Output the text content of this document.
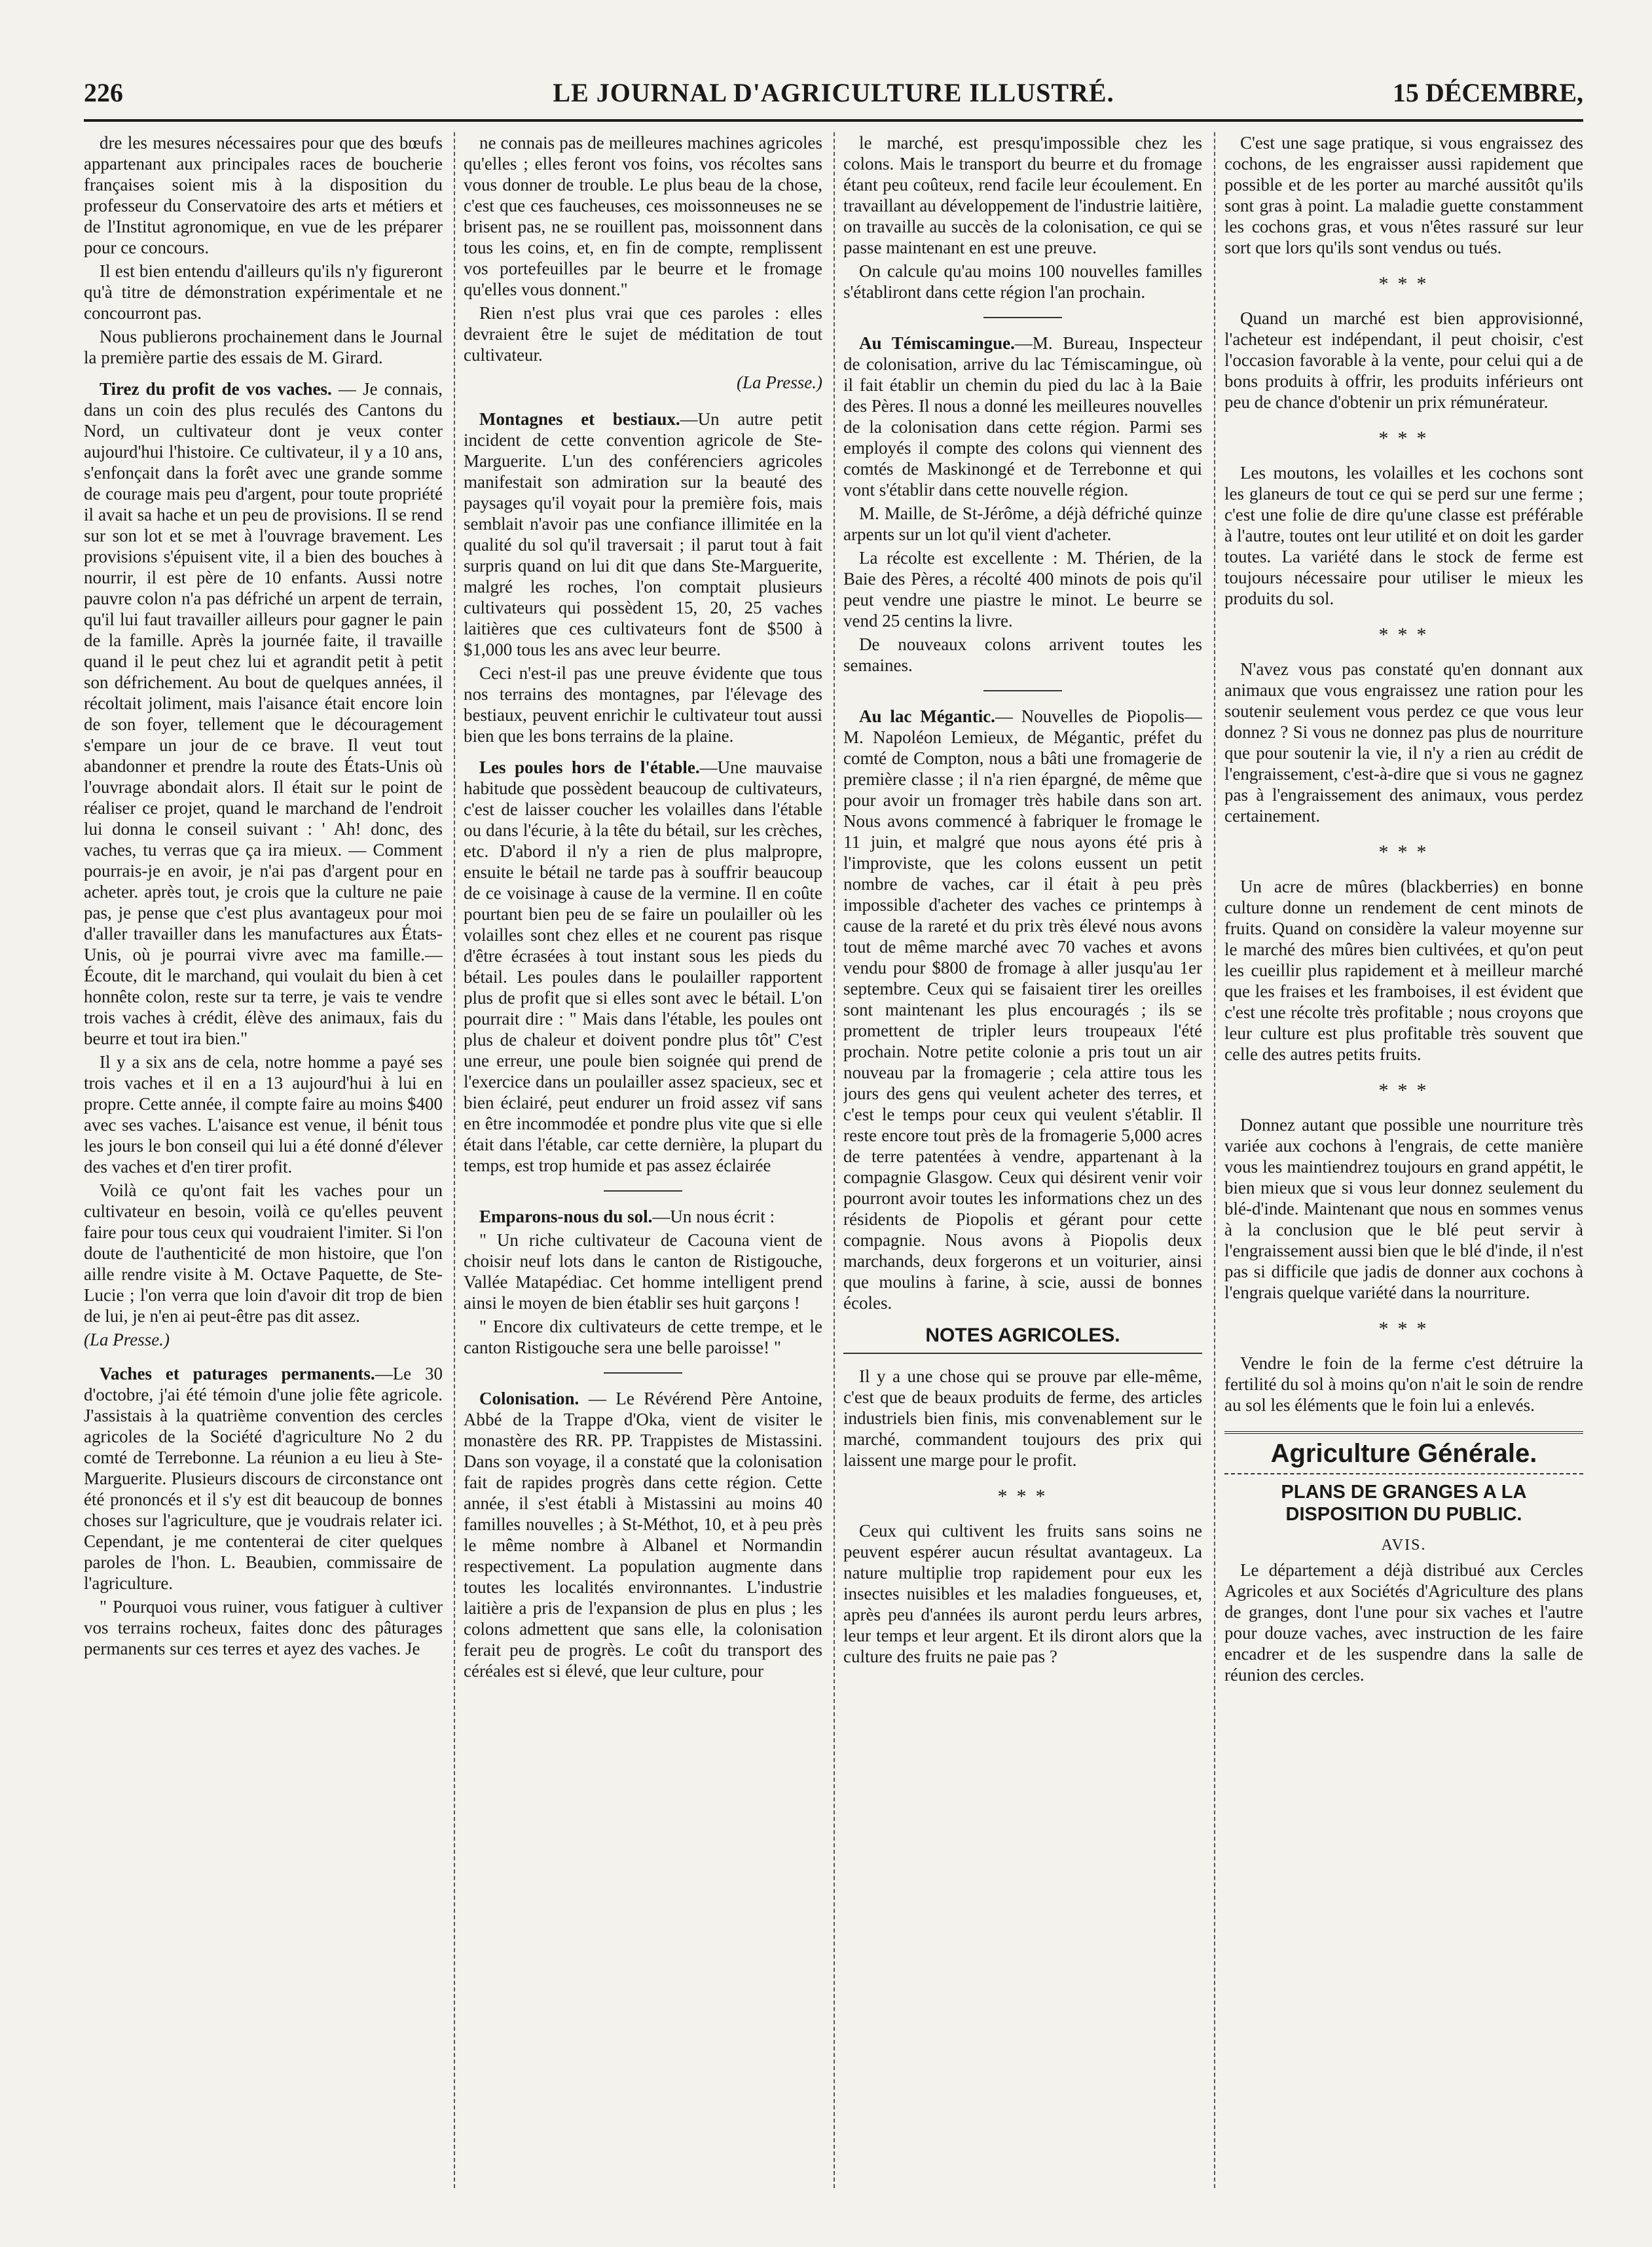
226	LE JOURNAL D'AGRICULTURE ILLUSTRÉ.	15 DÉCEMBRE,

dre les mesures nécessaires pour que des bœufs appartenant aux principales races de boucherie françaises soient mis à la disposition du professeur du Conservatoire des arts et métiers et de l'Institut agronomique, en vue de les préparer pour ce concours.

Il est bien entendu d'ailleurs qu'ils n'y figureront qu'à titre de démonstration expérimentale et ne concourront pas.

Nous publierons prochainement dans le Journal la première partie des essais de M. Girard.

Tirez du profit de vos vaches. — Je connais, dans un coin des plus reculés des Cantons du Nord, un cultivateur dont je veux conter aujourd'hui l'histoire. Ce cultivateur, il y a 10 ans, s'enfonçait dans la forêt avec une grande somme de courage mais peu d'argent, pour toute propriété il avait sa hache et un peu de provisions. Il se rend sur son lot et se met à l'ouvrage bravement. Les provisions s'épuisent vite, il a bien des bouches à nourrir, il est père de 10 enfants. Aussi notre pauvre colon n'a pas défriché un arpent de terrain, qu'il lui faut travailler ailleurs pour gagner le pain de la famille. Après la journée faite, il travaille quand il le peut chez lui et agrandit petit à petit son défrichement. Au bout de quelques années, il récoltait joliment, mais l'aisance était encore loin de son foyer, tellement que le découragement s'empare un jour de ce brave. Il veut tout abandonner et prendre la route des États-Unis où l'ouvrage abondait alors. Il était sur le point de réaliser ce projet, quand le marchand de l'endroit lui donna le conseil suivant : ' Ah! donc, des vaches, tu verras que ça ira mieux. — Comment pourrais-je en avoir, je n'ai pas d'argent pour en acheter. après tout, je crois que la culture ne paie pas, je pense que c'est plus avantageux pour moi d'aller travailler dans les manufactures aux États-Unis, où je pourrai vivre avec ma famille.— Écoute, dit le marchand, qui voulait du bien à cet honnête colon, reste sur ta terre, je vais te vendre trois vaches à crédit, élève des animaux, fais du beurre et tout ira bien."

Il y a six ans de cela, notre homme a payé ses trois vaches et il en a 13 aujourd'hui à lui en propre. Cette année, il compte faire au moins $400 avec ses vaches. L'aisance est venue, il bénit tous les jours le bon conseil qui lui a été donné d'élever des vaches et d'en tirer profit.

Voilà ce qu'ont fait les vaches pour un cultivateur en besoin, voilà ce qu'elles peuvent faire pour tous ceux qui voudraient l'imiter. Si l'on doute de l'authenticité de mon histoire, que l'on aille rendre visite à M. Octave Paquette, de Ste-Lucie ; l'on verra que loin d'avoir dit trop de bien de lui, je n'en ai peut-être pas dit assez.

(La Presse.)

Vaches et paturages permanents.—Le 30 d'octobre, j'ai été témoin d'une jolie fête agricole. J'assistais à la quatrième convention des cercles agricoles de la Société d'agriculture No 2 du comté de Terrebonne. La réunion a eu lieu à Ste-Marguerite. Plusieurs discours de circonstance ont été prononcés et il s'y est dit beaucoup de bonnes choses sur l'agriculture, que je voudrais relater ici. Cependant, je me contenterai de citer quelques paroles de l'hon. L. Beaubien, commissaire de l'agriculture.

" Pourquoi vous ruiner, vous fatiguer à cultiver vos terrains rocheux, faites donc des pâturages permanents sur ces terres et ayez des vaches. Je

ne connais pas de meilleures machines agricoles qu'elles ; elles feront vos foins, vos récoltes sans vous donner de trouble. Le plus beau de la chose, c'est que ces faucheuses, ces moissonneuses ne se brisent pas, ne se rouillent pas, moissonnent dans tous les coins, et, en fin de compte, remplissent vos portefeuilles par le beurre et le fromage qu'elles vous donnent."

Rien n'est plus vrai que ces paroles : elles devraient être le sujet de méditation de tout cultivateur.

(La Presse.)

Montagnes et bestiaux.—Un autre petit incident de cette convention agricole de Ste-Marguerite. L'un des conférenciers agricoles manifestait son admiration sur la beauté des paysages qu'il voyait pour la première fois, mais semblait n'avoir pas une confiance illimitée en la qualité du sol qu'il traversait ; il parut tout à fait surpris quand on lui dit que dans Ste-Marguerite, malgré les roches, l'on comptait plusieurs cultivateurs qui possèdent 15, 20, 25 vaches laitières que ces cultivateurs font de $500 à $1,000 tous les ans avec leur beurre.

Ceci n'est-il pas une preuve évidente que tous nos terrains des montagnes, par l'élevage des bestiaux, peuvent enrichir le cultivateur tout aussi bien que les bons terrains de la plaine.

Les poules hors de l'étable.—Une mauvaise habitude que possèdent beaucoup de cultivateurs, c'est de laisser coucher les volailles dans l'étable ou dans l'écurie, à la tête du bétail, sur les crèches, etc. D'abord il n'y a rien de plus malpropre, ensuite le bétail ne tarde pas à souffrir beaucoup de ce voisinage à cause de la vermine. Il en coûte pourtant bien peu de se faire un poulailler où les volailles sont chez elles et ne courent pas risque d'être écrasées à tout instant sous les pieds du bétail. Les poules dans le poulailler rapportent plus de profit que si elles sont avec le bétail. L'on pourrait dire : " Mais dans l'étable, les poules ont plus de chaleur et doivent pondre plus tôt" C'est une erreur, une poule bien soignée qui prend de l'exercice dans un poulailler assez spacieux, sec et bien éclairé, peut endurer un froid assez vif sans en être incommodée et pondre plus vite que si elle était dans l'étable, car cette dernière, la plupart du temps, est trop humide et pas assez éclairée

Emparons-nous du sol.—Un nous écrit :

" Un riche cultivateur de Cacouna vient de choisir neuf lots dans le canton de Ristigouche, Vallée Matapédiac. Cet homme intelligent prend ainsi le moyen de bien établir ses huit garçons !

" Encore dix cultivateurs de cette trempe, et le canton Ristigouche sera une belle paroisse! "

Colonisation. — Le Révérend Père Antoine, Abbé de la Trappe d'Oka, vient de visiter le monastère des RR. PP. Trappistes de Mistassini. Dans son voyage, il a constaté que la colonisation fait de rapides progrès dans cette région. Cette année, il s'est établi à Mistassini au moins 40 familles nouvelles ; à St-Méthot, 10, et à peu près le même nombre à Albanel et Normandin respectivement. La population augmente dans toutes les localités environnantes. L'industrie laitière a pris de l'expansion de plus en plus ; les colons admettent que sans elle, la colonisation ferait peu de progrès. Le coût du transport des céréales est si élevé, que leur culture, pour

le marché, est presqu'impossible chez les colons. Mais le transport du beurre et du fromage étant peu coûteux, rend facile leur écoulement. En travaillant au développement de l'industrie laitière, on travaille au succès de la colonisation, ce qui se passe maintenant en est une preuve.

On calcule qu'au moins 100 nouvelles familles s'établiront dans cette région l'an prochain.

Au Témiscamingue.—M. Bureau, Inspecteur de colonisation, arrive du lac Témiscamingue, où il fait établir un chemin du pied du lac à la Baie des Pères. Il nous a donné les meilleures nouvelles de la colonisation dans cette région. Parmi ses employés il compte des colons qui viennent des comtés de Maskinongé et de Terrebonne et qui vont s'établir dans cette nouvelle région.

M. Maille, de St-Jérôme, a déjà défriché quinze arpents sur un lot qu'il vient d'acheter.

La récolte est excellente : M. Thérien, de la Baie des Pères, a récolté 400 minots de pois qu'il peut vendre une piastre le minot. Le beurre se vend 25 centins la livre.

De nouveaux colons arrivent toutes les semaines.

Au lac Mégantic.— Nouvelles de Piopolis—M. Napoléon Lemieux, de Mégantic, préfet du comté de Compton, nous a bâti une fromagerie de première classe ; il n'a rien épargné, de même que pour avoir un fromager très habile dans son art. Nous avons commencé à fabriquer le fromage le 11 juin, et malgré que nous ayons été pris à l'improviste, que les colons eussent un petit nombre de vaches, car il était à peu près impossible d'acheter des vaches ce printemps à cause de la rareté et du prix très élevé nous avons tout de même marché avec 70 vaches et avons vendu pour $800 de fromage à aller jusqu'au 1er septembre. Ceux qui se faisaient tirer les oreilles sont maintenant les plus encouragés ; ils se promettent de tripler leurs troupeaux l'été prochain. Notre petite colonie a pris tout un air nouveau par la fromagerie ; cela attire tous les jours des gens qui veulent acheter des terres, et c'est le temps pour ceux qui veulent s'établir. Il reste encore tout près de la fromagerie 5,000 acres de terre patentées à vendre, appartenant à la compagnie Glasgow. Ceux qui désirent venir voir pourront avoir toutes les informations chez un des résidents de Piopolis et gérant pour cette compagnie. Nous avons à Piopolis deux marchands, deux forgerons et un voiturier, ainsi que moulins à farine, à scie, aussi de bonnes écoles.

NOTES AGRICOLES.

Il y a une chose qui se prouve par elle-même, c'est que de beaux produits de ferme, des articles industriels bien finis, mis convenablement sur le marché, commandent toujours des prix qui laissent une marge pour le profit.

* * *

Ceux qui cultivent les fruits sans soins ne peuvent espérer aucun résultat avantageux. La nature multiplie trop rapidement pour eux les insectes nuisibles et les maladies fongueuses, et, après peu d'années ils auront perdu leurs arbres, leur temps et leur argent. Et ils diront alors que la culture des fruits ne paie pas ?

C'est une sage pratique, si vous engraissez des cochons, de les engraisser aussi rapidement que possible et de les porter au marché aussitôt qu'ils sont gras à point. La maladie guette constamment les cochons gras, et vous n'êtes rassuré sur leur sort que lors qu'ils sont vendus ou tués.

* * *

Quand un marché est bien approvisionné, l'acheteur est indépendant, il peut choisir, c'est l'occasion favorable à la vente, pour celui qui a de bons produits à offrir, les produits inférieurs ont peu de chance d'obtenir un prix rémunérateur.

* * *

Les moutons, les volailles et les cochons sont les glaneurs de tout ce qui se perd sur une ferme ; c'est une folie de dire qu'une classe est préférable à l'autre, toutes ont leur utilité et on doit les garder toutes. La variété dans le stock de ferme est toujours nécessaire pour utiliser le mieux les produits du sol.

* * *

N'avez vous pas constaté qu'en donnant aux animaux que vous engraissez une ration pour les soutenir seulement vous perdez ce que vous leur donnez ? Si vous ne donnez pas plus de nourriture que pour soutenir la vie, il n'y a rien au crédit de l'engraissement, c'est-à-dire que si vous ne gagnez pas à l'engraissement des animaux, vous perdez certainement.

* * *

Un acre de mûres (blackberries) en bonne culture donne un rendement de cent minots de fruits. Quand on considère la valeur moyenne sur le marché des mûres bien cultivées, et qu'on peut les cueillir plus rapidement et à meilleur marché que les fraises et les framboises, il est évident que c'est une récolte très profitable ; nous croyons que leur culture est plus profitable très souvent que celle des autres petits fruits.

* * *

Donnez autant que possible une nourriture très variée aux cochons à l'engrais, de cette manière vous les maintiendrez toujours en grand appétit, le bien mieux que si vous leur donnez seulement du blé-d'inde. Maintenant que nous en sommes venus à la conclusion que le blé peut servir à l'engraissement aussi bien que le blé d'inde, il n'est pas si difficile que jadis de donner aux cochons à l'engrais quelque variété dans la nourriture.

* * *

Vendre le foin de la ferme c'est détruire la fertilité du sol à moins qu'on n'ait le soin de rendre au sol les éléments que le foin lui a enlevés.

Agriculture Générale.
PLANS DE GRANGES A LA DISPOSITION DU PUBLIC.
AVIS.

Le département a déjà distribué aux Cercles Agricoles et aux Sociétés d'Agriculture des plans de granges, dont l'une pour six vaches et l'autre pour douze vaches, avec instruction de les faire encadrer et de les suspendre dans la salle de réunion des cercles.
